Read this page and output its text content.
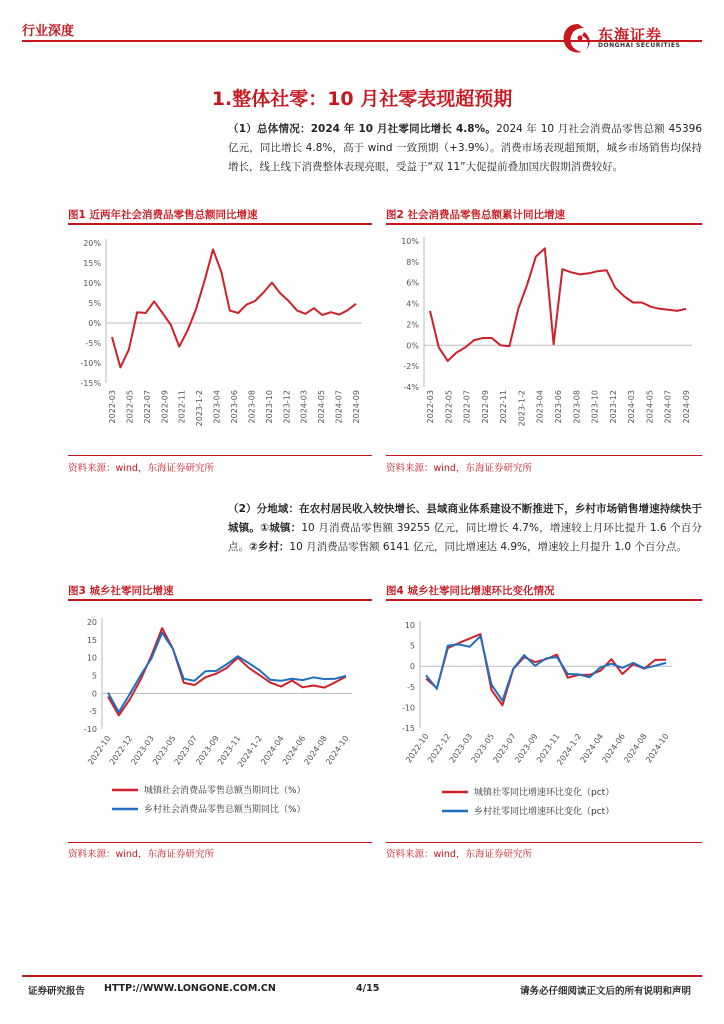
行业深度	东海证券
DONGHAI SECURITIES
1.整体社零：10 月社零表现超预期
（1）总体情况：2024 年 10 月社零同比增长 4.8%。2024 年 10 月社会消费品零售总额 45396 亿元，同比增长 4.8%，高于 wind 一致预期（+3.9%）。消费市场表现超预期，城乡市场销售均保持增长，线上线下消费整体表现亮眼，受益于“双 11”大促提前叠加国庆假期消费较好。
图1 近两年社会消费品零售总额同比增速	图2 社会消费品零售总额累计同比增速
20%
15%
10%
5%
0%
-5%
-10%
-15%
2022-03 2022-05 2022-07 2022-09 2022-11 2023-1-2 2023-04 2023-06 2023-08 2023-10 2023-12 2024-03 2024-05 2024-07 2024-09
10%
8%
6%
4%
2%
0%
-2%
-4%
2022-03 2022-05 2022-07 2022-09 2022-11 2023-1-2 2023-04 2023-06 2023-08 2023-10 2023-12 2024-03 2024-05 2024-07 2024-09
资料来源：wind，东海证券研究所	资料来源：wind，东海证券研究所
（2）分地域：在农村居民收入较快增长、县域商业体系建设不断推进下，乡村市场销售增速持续快于城镇。①城镇：10 月消费品零售额 39255 亿元，同比增长 4.7%，增速较上月环比提升 1.6 个百分点。②乡村：10 月消费品零售额 6141 亿元，同比增速达 4.9%，增速较上月提升 1.0 个百分点。
图3 城乡社零同比增速	图4 城乡社零同比增速环比变化情况
20
15
10
5
0
-5
-10
2022-10
2022-12
2023-03
2023-05
2023-07
2023-09
2023-11
2024-1-2
2024-04
2024-06
2024-08
2024-10
城镇社会消费品零售总额当期同比（%）
乡村社会消费品零售总额当期同比（%）
10
5
0
-5
-10
-15
2022-10
2022-12
2023-03
2023-05
2023-07
2023-09
2023-11
2024-1-2
2024-04
2024-06
2024-08
2024-10
城镇社零同比增速环比变化（pct）
乡村社零同比增速环比变化（pct）
资料来源：wind，东海证券研究所	资料来源：wind，东海证券研究所
证券研究报告 HTTP://WWW.LONGONE.COM.CN	4/15	请务必仔细阅读正文后的所有说明和声明
